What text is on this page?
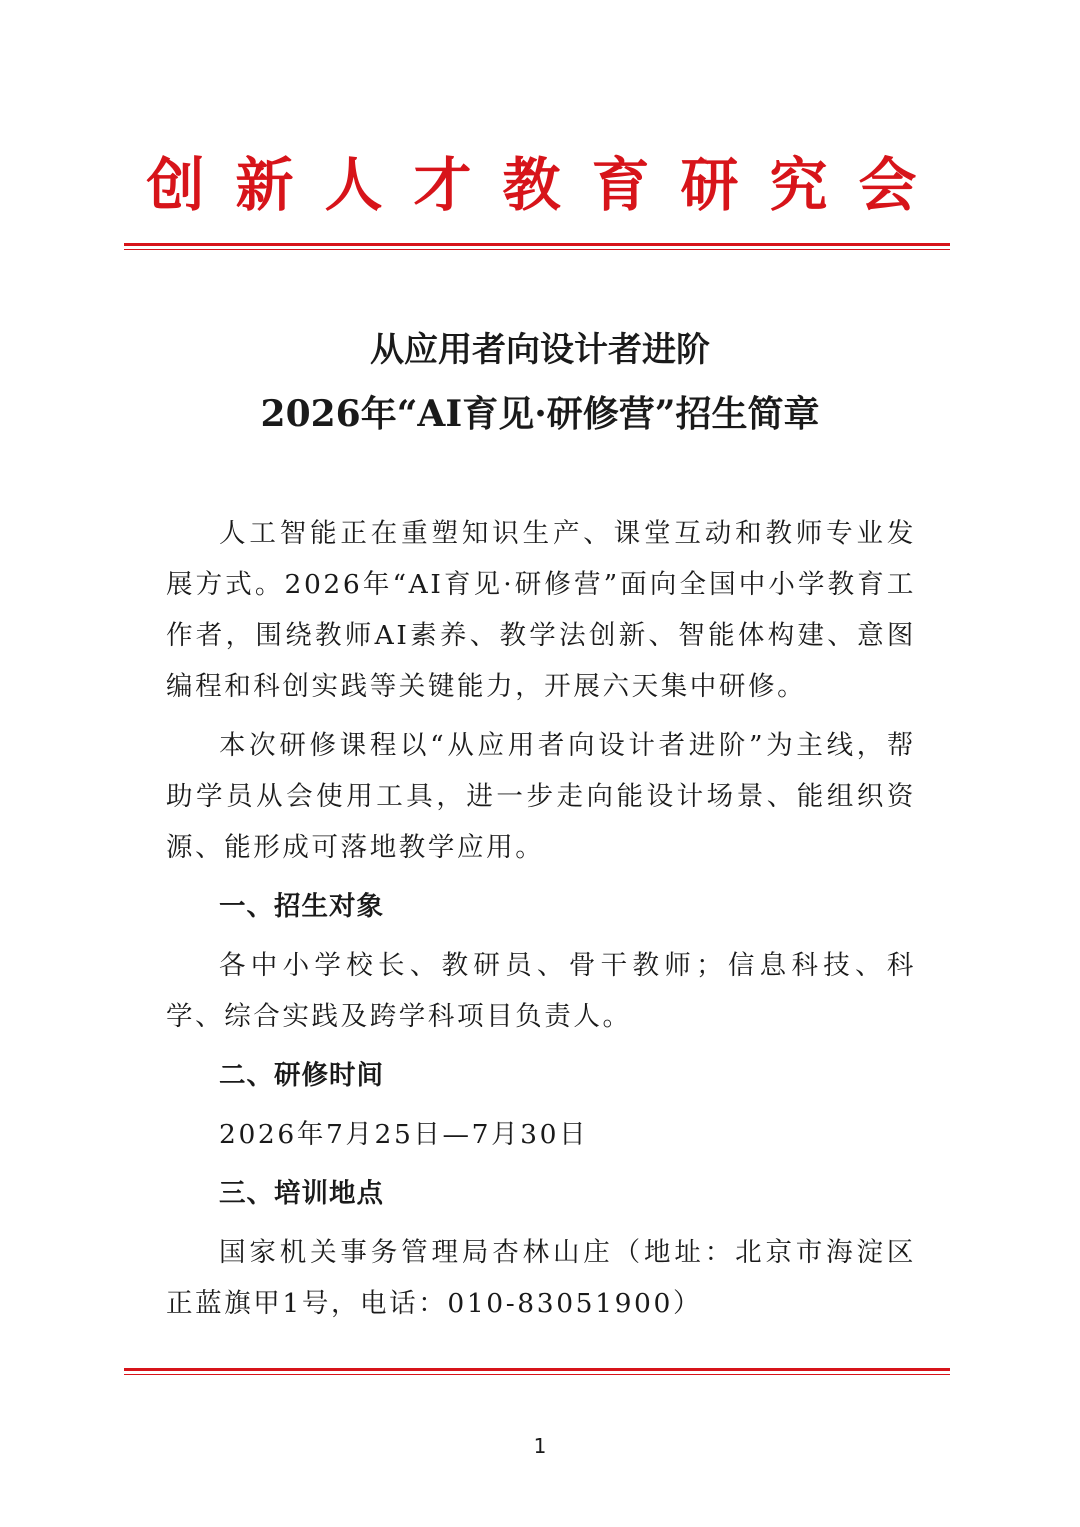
创新人才教育研究会
从应用者向设计者进阶
2026年“AI育见·研修营”招生简章

人工智能正在重塑知识生产、课堂互动和教师专业发展方式。2026年“AI育见·研修营”面向全国中小学教育工作者，围绕教师AI素养、教学法创新、智能体构建、意图编程和科创实践等关键能力，开展六天集中研修。

本次研修课程以“从应用者向设计者进阶”为主线，帮助学员从会使用工具，进一步走向能设计场景、能组织资源、能形成可落地教学应用。

一、招生对象

各中小学校长、教研员、骨干教师；信息科技、科学、综合实践及跨学科项目负责人。

二、研修时间

2026年7月25日—7月30日

三、培训地点

国家机关事务管理局杏林山庄（地址：北京市海淀区正蓝旗甲1号，电话：010-83051900）

1
